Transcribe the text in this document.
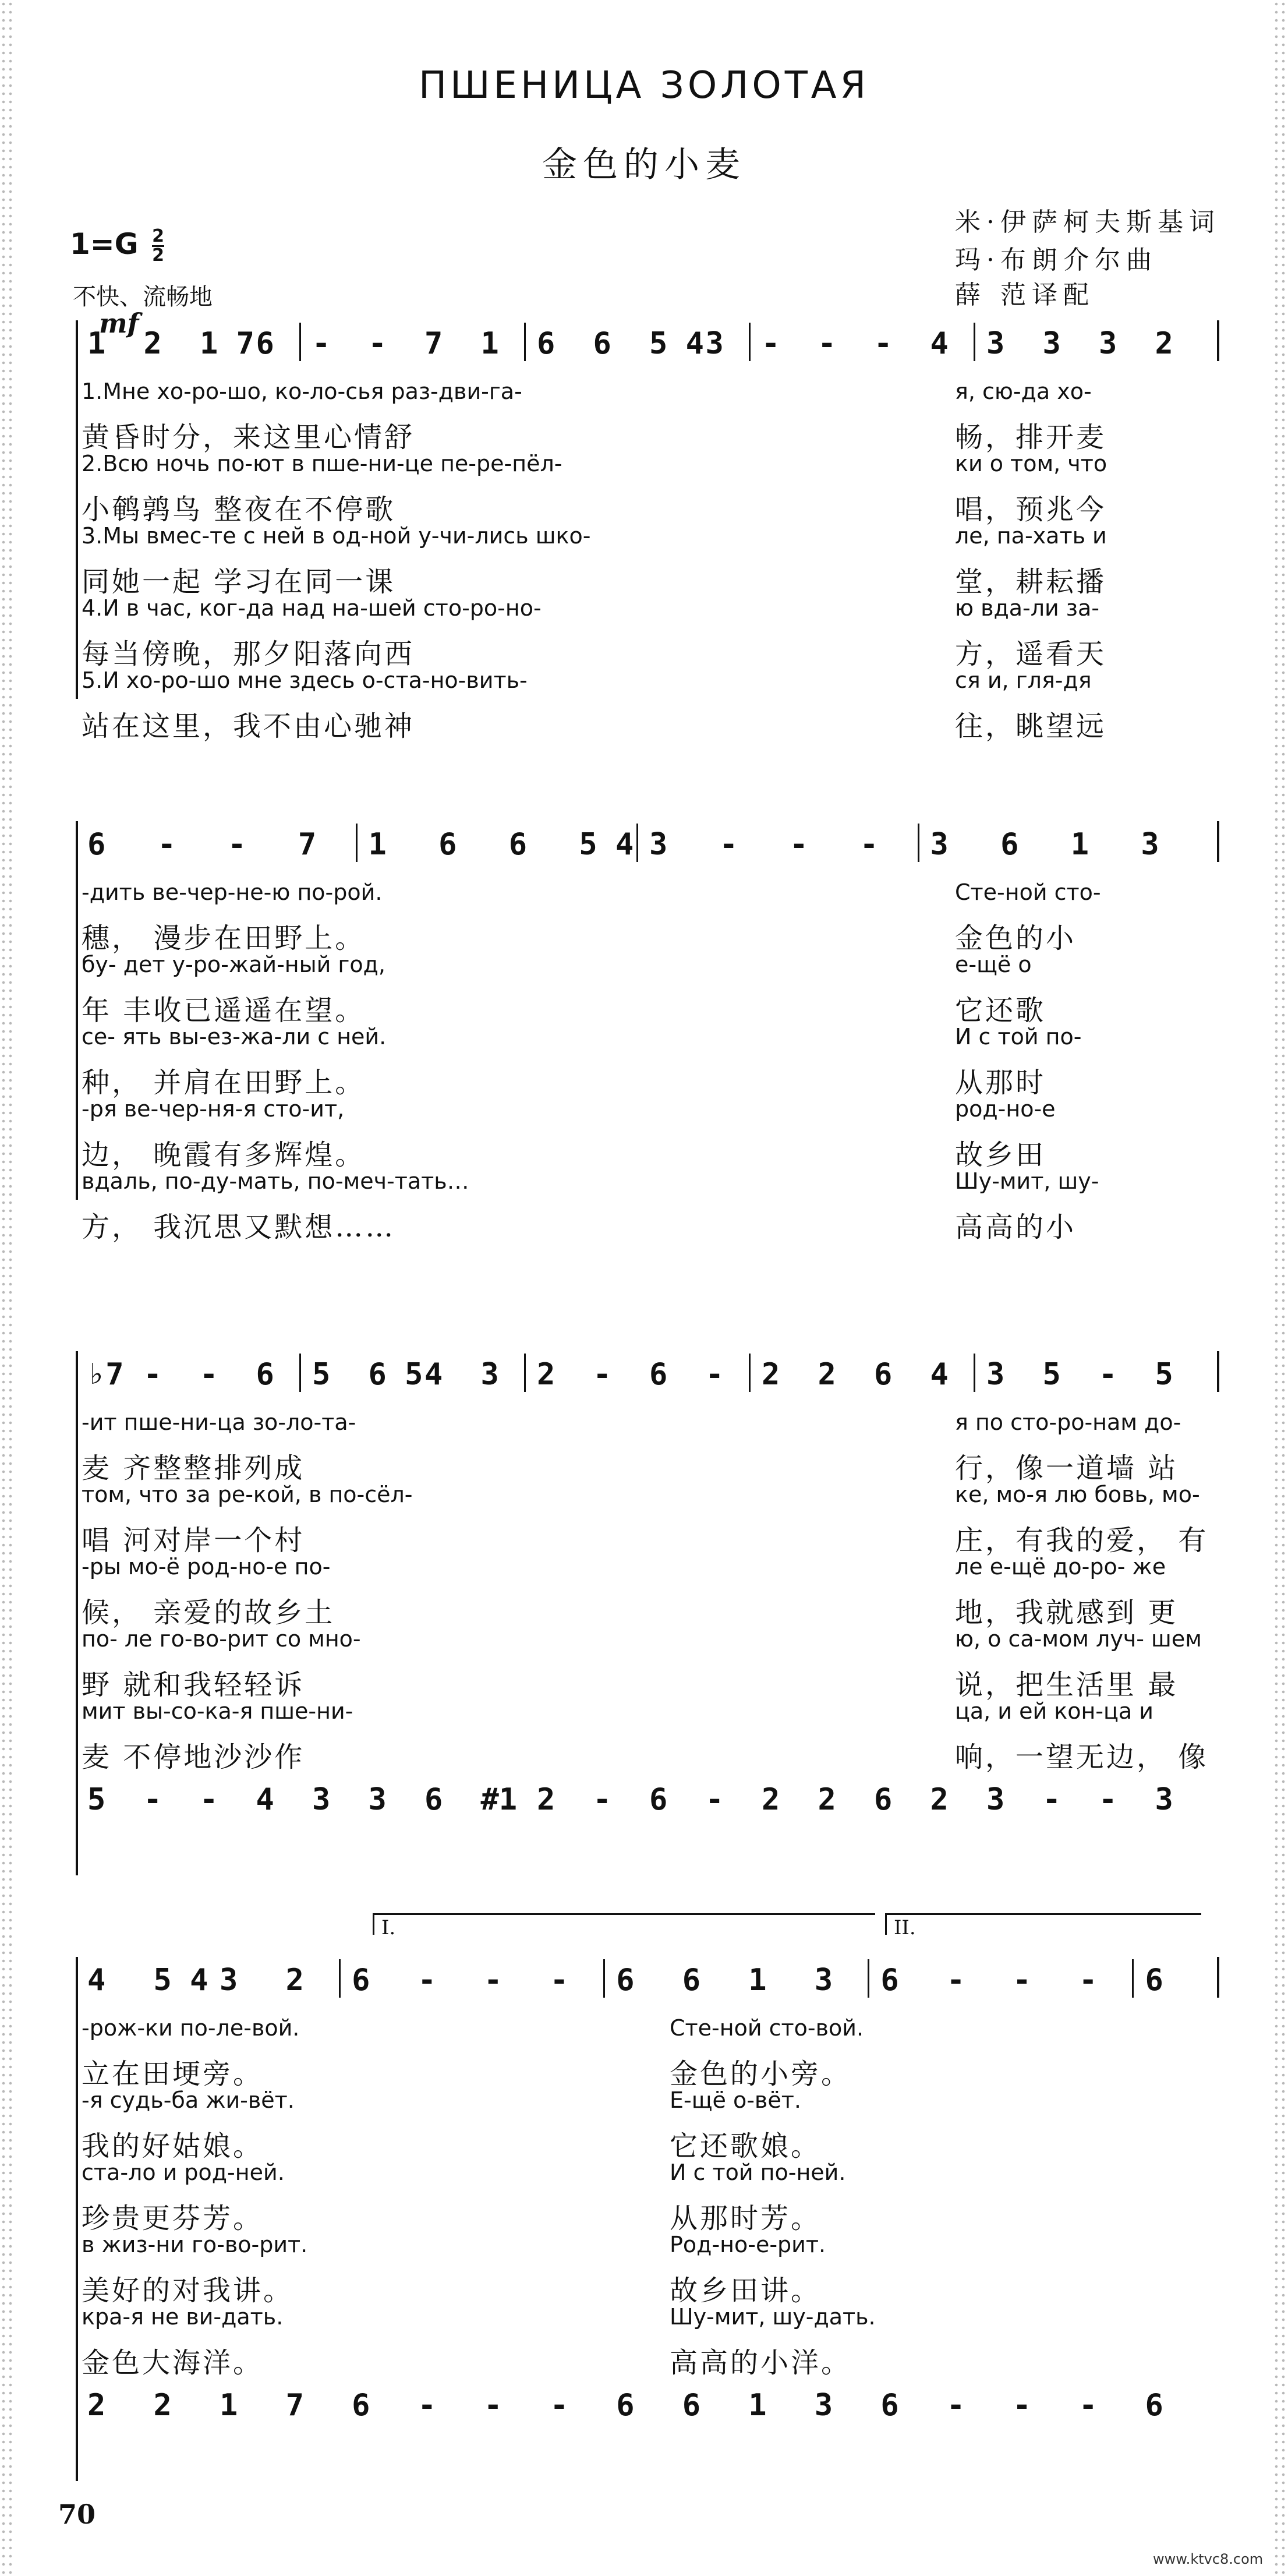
ПШЕНИЦА ЗОЛОТАЯ
金色的小麦
米·伊萨柯夫斯基词
玛·布朗介尔曲
薛 范译配
$1=G \frac{2}{2}$
不快、流畅地
mf
1 2 1 7 6 - - 7 1 6 6 5 4 3 - - - 4 3 3 3 2
1.Мне хо-ро-шо, ко-ло-сья раз-дви-га-	я, сю-да хо-
黄昏时分，来这里心情舒	畅，排开麦
2.Всю ночь по-ют в пше-ни-це пе-ре-пёл-	ки о том, что
小鹌鹑鸟 整夜在不停歌	唱，预兆今
3.Мы вмес-те с ней в од-ной у-чи-лись шко-	ле, па-хать и
同她一起 学习在同一课	堂，耕耘播
4.И в час, ког-да над на-шей сто-ро-но-	ю вда-ли за-
每当傍晚，那夕阳落向西	方，遥看天
5.И хо-ро-шо мне здесь о-ста-но-вить-	ся и, гля-дя
站在这里，我不由心驰神	往，眺望远
6 - - 7 1 6 6 5 4 3 - - - 3 6 1 3
-дить ве-чер-не-ю по-рой.	Сте-ной сто-
穗， 漫步在田野上。	金色的小
бу- дет у-ро-жай-ный год,	е-щё о
年 丰收已遥遥在望。	它还歌
се- ять вы-ез-жа-ли с ней.	И с той по-
种， 并肩在田野上。	从那时
-ря ве-чер-ня-я сто-ит,	род-но-е
边， 晚霞有多辉煌。	故乡田
вдаль, по-ду-мать, по-меч-тать…	Шу-мит, шу-
方， 我沉思又默想……	高高的小
♭7 - - 6 5 6 5 4 3 2 - 6 - 2 2 6 4 3 5 - 5
-ит пше-ни-ца зо-ло-та-	я по сто-ро-нам до-
麦 齐整整排列成	行，像一道墙 站
том, что за ре-кой, в по-сёл-	ке, мо-я лю бовь, мо-
唱 河对岸一个村	庄，有我的爱， 有
-ры мо-ё род-но-е по-	ле е-щё до-ро- же
候， 亲爱的故乡土	地，我就感到 更
по- ле го-во-рит со мно-	ю, о са-мом луч- шем
野 就和我轻轻诉	说，把生活里 最
мит вы-со-ка-я пше-ни-	ца, и ей кон-ца и
麦 不停地沙沙作	响，一望无边， 像
5 - - 4 3 3 6 #1 2 - 6 - 2 2 6 2 3 - - 3
4 5 4 3 2 6 - - - 6 6 1 3 6 - - - 6
I.	II.
-рож-ки по-ле-вой.	Сте-ной сто-вой.
立在田埂旁。	金色的小旁。
-я судь-ба жи-вёт.	Е-щё о-вёт.
我的好姑娘。	它还歌娘。
ста-ло и род-ней.	И с той по-ней.
珍贵更芬芳。	从那时芳。
в жиз-ни го-во-рит.	Род-но-е-рит.
美好的对我讲。	故乡田讲。
кра-я не ви-дать.	Шу-мит, шу-дать.
金色大海洋。	高高的小洋。
2 2 1 7 6 - - - 6 6 1 3 6 - - - 6
70
www.ktvc8.com
